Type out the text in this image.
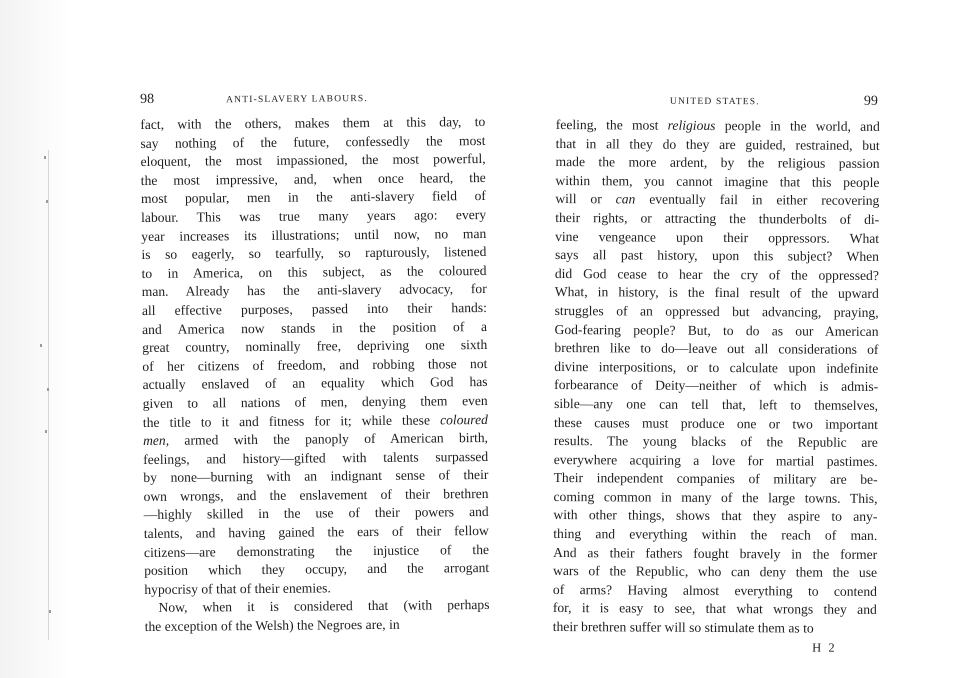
98	ANTI-SLAVERY LABOURS.
fact, with the others, makes them at this day, to
say nothing of the future, confessedly the most
eloquent, the most impassioned, the most powerful,
the most impressive, and, when once heard, the
most popular, men in the anti-slavery field of
labour. This was true many years ago: every
year increases its illustrations; until now, no man
is so eagerly, so tearfully, so rapturously, listened
to in America, on this subject, as the coloured
man. Already has the anti-slavery advocacy, for
all effective purposes, passed into their hands:
and America now stands in the position of a
great country, nominally free, depriving one sixth
of her citizens of freedom, and robbing those not
actually enslaved of an equality which God has
given to all nations of men, denying them even
the title to it and fitness for it; while these coloured
men, armed with the panoply of American birth,
feelings, and history—gifted with talents surpassed
by none—burning with an indignant sense of their
own wrongs, and the enslavement of their brethren
—highly skilled in the use of their powers and
talents, and having gained the ears of their fellow
citizens—are demonstrating the injustice of the
position which they occupy, and the arrogant
hypocrisy of that of their enemies.
Now, when it is considered that (with perhaps
the exception of the Welsh) the Negroes are, in
UNITED STATES.	99
feeling, the most religious people in the world, and
that in all they do they are guided, restrained, but
made the more ardent, by the religious passion
within them, you cannot imagine that this people
will or can eventually fail in either recovering
their rights, or attracting the thunderbolts of di-
vine vengeance upon their oppressors. What
says all past history, upon this subject? When
did God cease to hear the cry of the oppressed?
What, in history, is the final result of the upward
struggles of an oppressed but advancing, praying,
God-fearing people? But, to do as our American
brethren like to do—leave out all considerations of
divine interpositions, or to calculate upon indefinite
forbearance of Deity—neither of which is admis-
sible—any one can tell that, left to themselves,
these causes must produce one or two important
results. The young blacks of the Republic are
everywhere acquiring a love for martial pastimes.
Their independent companies of military are be-
coming common in many of the large towns. This,
with other things, shows that they aspire to any-
thing and everything within the reach of man.
And as their fathers fought bravely in the former
wars of the Republic, who can deny them the use
of arms? Having almost everything to contend
for, it is easy to see, that what wrongs they and
their brethren suffer will so stimulate them as to
H 2
